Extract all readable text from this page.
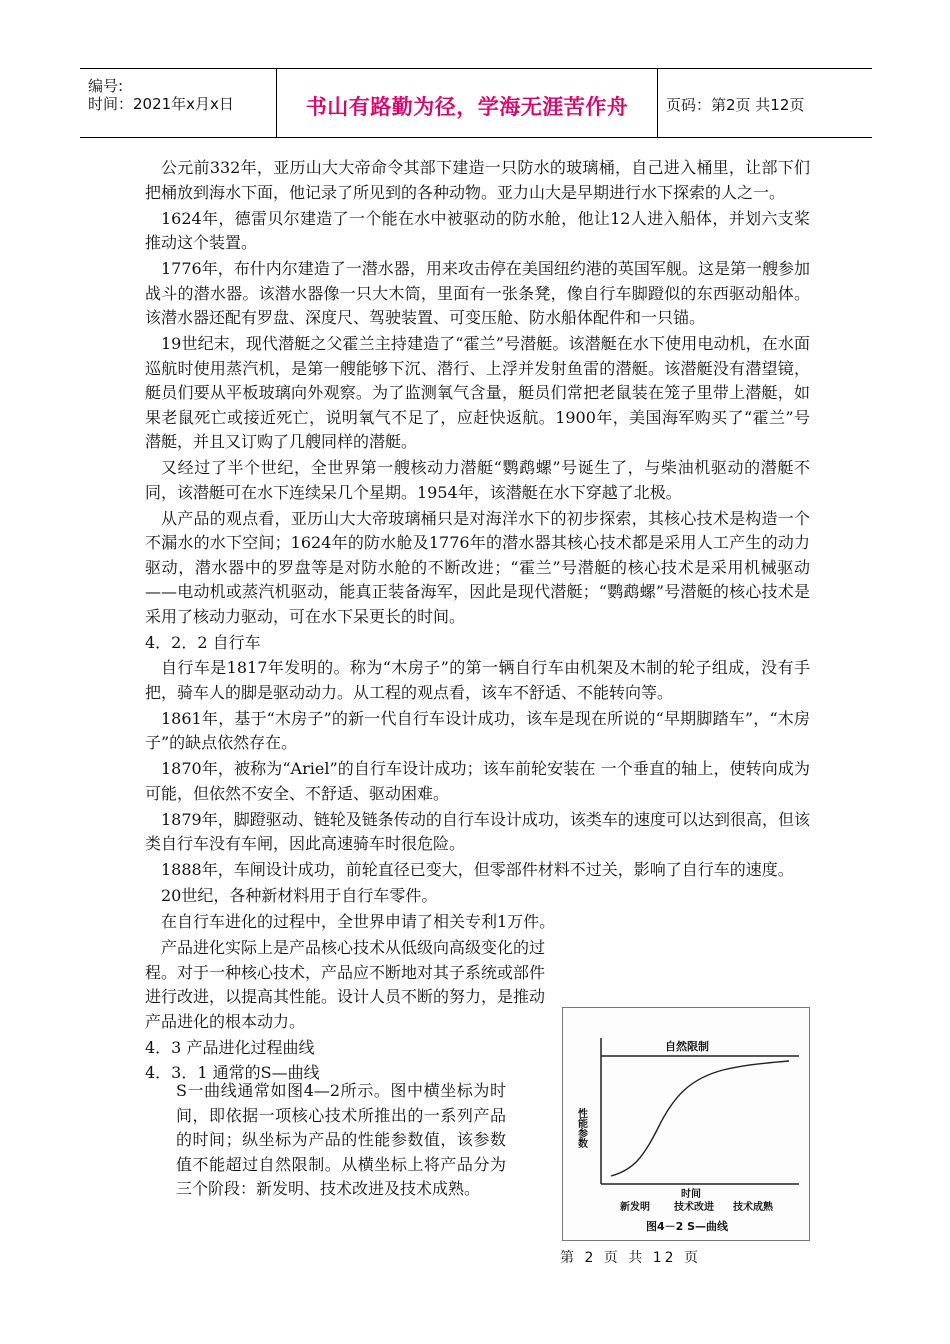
编号:
时间：2021年x月x日	书山有路勤为径，学海无涯苦作舟	页码：第2页 共12页

公元前332年，亚历山大大帝命令其部下建造一只防水的玻璃桶，自己进入桶里，让部下们把桶放到海水下面，他记录了所见到的各种动物。亚力山大是早期进行水下探索的人之一。

1624年，德雷贝尔建造了一个能在水中被驱动的防水舱，他让12人进入船体，并划六支桨推动这个装置。

1776年，布什内尔建造了一潜水器，用来攻击停在美国纽约港的英国军舰。这是第一艘参加战斗的潜水器。该潜水器像一只大木筒，里面有一张条凳，像自行车脚蹬似的东西驱动船体。该潜水器还配有罗盘、深度尺、驾驶装置、可变压舱、防水船体配件和一只锚。

19世纪末，现代潜艇之父霍兰主持建造了“霍兰”号潜艇。该潜艇在水下使用电动机，在水面巡航时使用蒸汽机，是第一艘能够下沉、潜行、上浮并发射鱼雷的潜艇。该潜艇没有潜望镜，艇员们要从平板玻璃向外观察。为了监测氧气含量，艇员们常把老鼠装在笼子里带上潜艇，如果老鼠死亡或接近死亡，说明氧气不足了，应赶快返航。1900年，美国海军购买了“霍兰”号潜艇，并且又订购了几艘同样的潜艇。

又经过了半个世纪，全世界第一艘核动力潜艇“鹦鹉螺”号诞生了，与柴油机驱动的潜艇不同，该潜艇可在水下连续呆几个星期。1954年，该潜艇在水下穿越了北极。

从产品的观点看，亚历山大大帝玻璃桶只是对海洋水下的初步探索，其核心技术是构造一个不漏水的水下空间；1624年的防水舱及1776年的潜水器其核心技术都是采用人工产生的动力驱动，潜水器中的罗盘等是对防水舱的不断改进；“霍兰”号潜艇的核心技术是采用机械驱动——电动机或蒸汽机驱动，能真正装备海军，因此是现代潜艇；“鹦鹉螺”号潜艇的核心技术是采用了核动力驱动，可在水下呆更长的时间。

4．2．2 自行车

自行车是1817年发明的。称为“木房子”的第一辆自行车由机架及木制的轮子组成，没有手把，骑车人的脚是驱动动力。从工程的观点看，该车不舒适、不能转向等。

1861年，基于“木房子”的新一代自行车设计成功，该车是现在所说的“早期脚踏车”，“木房子”的缺点依然存在。

1870年，被称为“Ariel”的自行车设计成功；该车前轮安装在 一个垂直的轴上，使转向成为可能，但依然不安全、不舒适、驱动困难。

1879年，脚蹬驱动、链轮及链条传动的自行车设计成功，该类车的速度可以达到很高，但该类自行车没有车闸，因此高速骑车时很危险。

1888年，车闸设计成功，前轮直径已变大，但零部件材料不过关，影响了自行车的速度。

20世纪，各种新材料用于自行车零件。

在自行车进化的过程中，全世界申请了相关专利1万件。

产品进化实际上是产品核心技术从低级向高级变化的过程。对于一种核心技术，产品应不断地对其子系统或部件进行改进，以提高其性能。设计人员不断的努力，是推动产品进化的根本动力。

4．3 产品进化过程曲线

4．3．1 通常的S—曲线

S一曲线通常如图4—2所示。图中横坐标为时间，即依据一项核心技术所推出的一系列产品的时间；纵坐标为产品的性能参数值，该参数值不能超过自然限制。从横坐标上将产品分为三个阶段：新发明、技术改进及技术成熟。

自然限制
性能参数
时间
新发明 技术改进 技术成熟
图4－2 S—曲线
第 2 页 共 12 页
